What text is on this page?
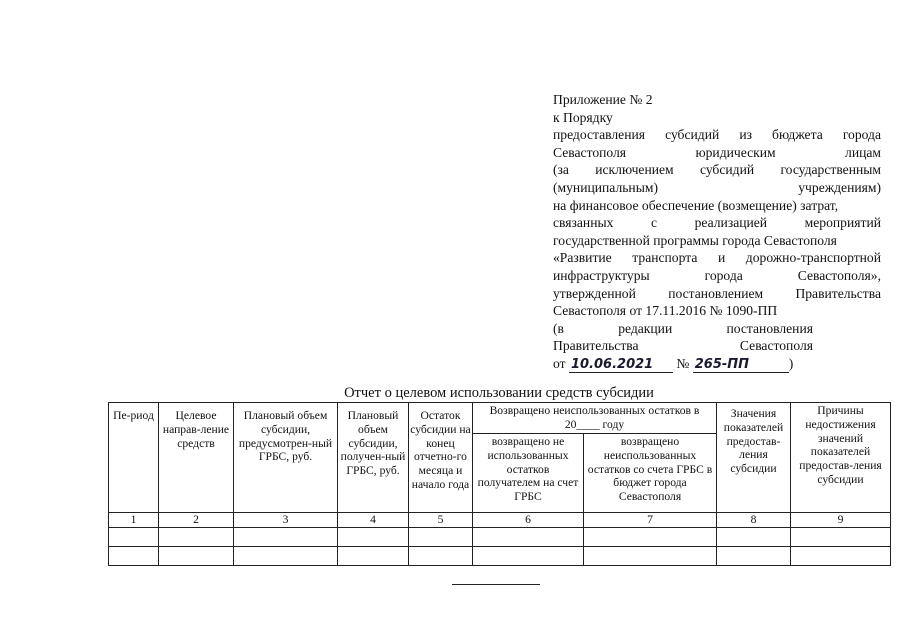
Приложение № 2
к Порядку
предоставления субсидий из бюджета города
Севастополя юридическим лицам
(за исключением субсидий государственным
(муниципальным) учреждениям)
на финансовое обеспечение (возмещение) затрат,
связанных с реализацией мероприятий
государственной программы города Севастополя
«Развитие транспорта и дорожно-транспортной
инфраструктуры города Севастополя»,
утвержденной постановлением Правительства
Севастополя от 17.11.2016 № 1090-ПП
(в редакции постановления
Правительства Севастополя
от 10.06.2021 № 265-ПП	)
Отчет о целевом использовании средств субсидии
Пе-риод	Целевое направ-ление средств	Плановый объем субсидии, предусмотрен-ный ГРБС, руб.	Плановый объем субсидии, получен-ный ГРБС, руб.	Остаток субсидии на конец отчетно-го месяца и начало года	Возвращено неиспользованных остатков в 20____ году		Значения показателей предостав-ления субсидии	Причины недостижения значений показателей предостав-ления субсидии
					возвращено не использованных остатков получателем на счет ГРБС	возвращено неиспользованных остатков со счета ГРБС в бюджет города Севастополя		
1	2	3	4	5	6	7	8	9
